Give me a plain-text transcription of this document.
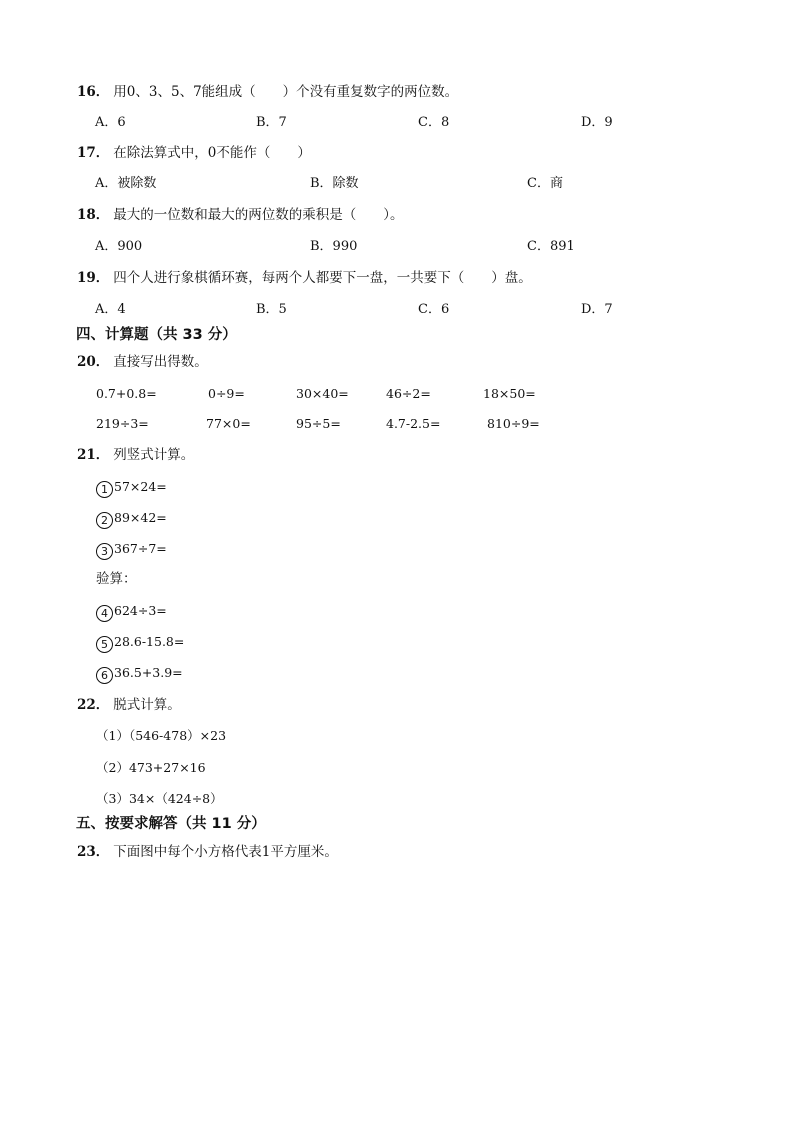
16． 用0、3、5、7能组成（　　）个没有重复数字的两位数。
A．6	B．7	C．8	D．9
17． 在除法算式中，0不能作（　　）
A．被除数	B．除数	C．商
18． 最大的一位数和最大的两位数的乘积是（　　）。
A．900	B．990	C．891
19． 四个人进行象棋循环赛，每两个人都要下一盘，一共要下（　　）盘。
A．4	B．5	C．6	D．7
四、计算题（共 33 分）
20． 直接写出得数。
0.7+0.8=	0÷9=	30×40=	46÷2=	18×50=
219÷3=	77×0=	95÷5=	4.7-2.5=	810÷9=
21． 列竖式计算。
1 57×24=
2 89×42=
3 367÷7=
验算：
4 624÷3=
5 28.6-15.8=
6 36.5+3.9=
22． 脱式计算。
（1）（546-478）×23
（2）473+27×16
（3）34×（424÷8）
五、按要求解答（共 11 分）
23． 下面图中每个小方格代表1平方厘米。
